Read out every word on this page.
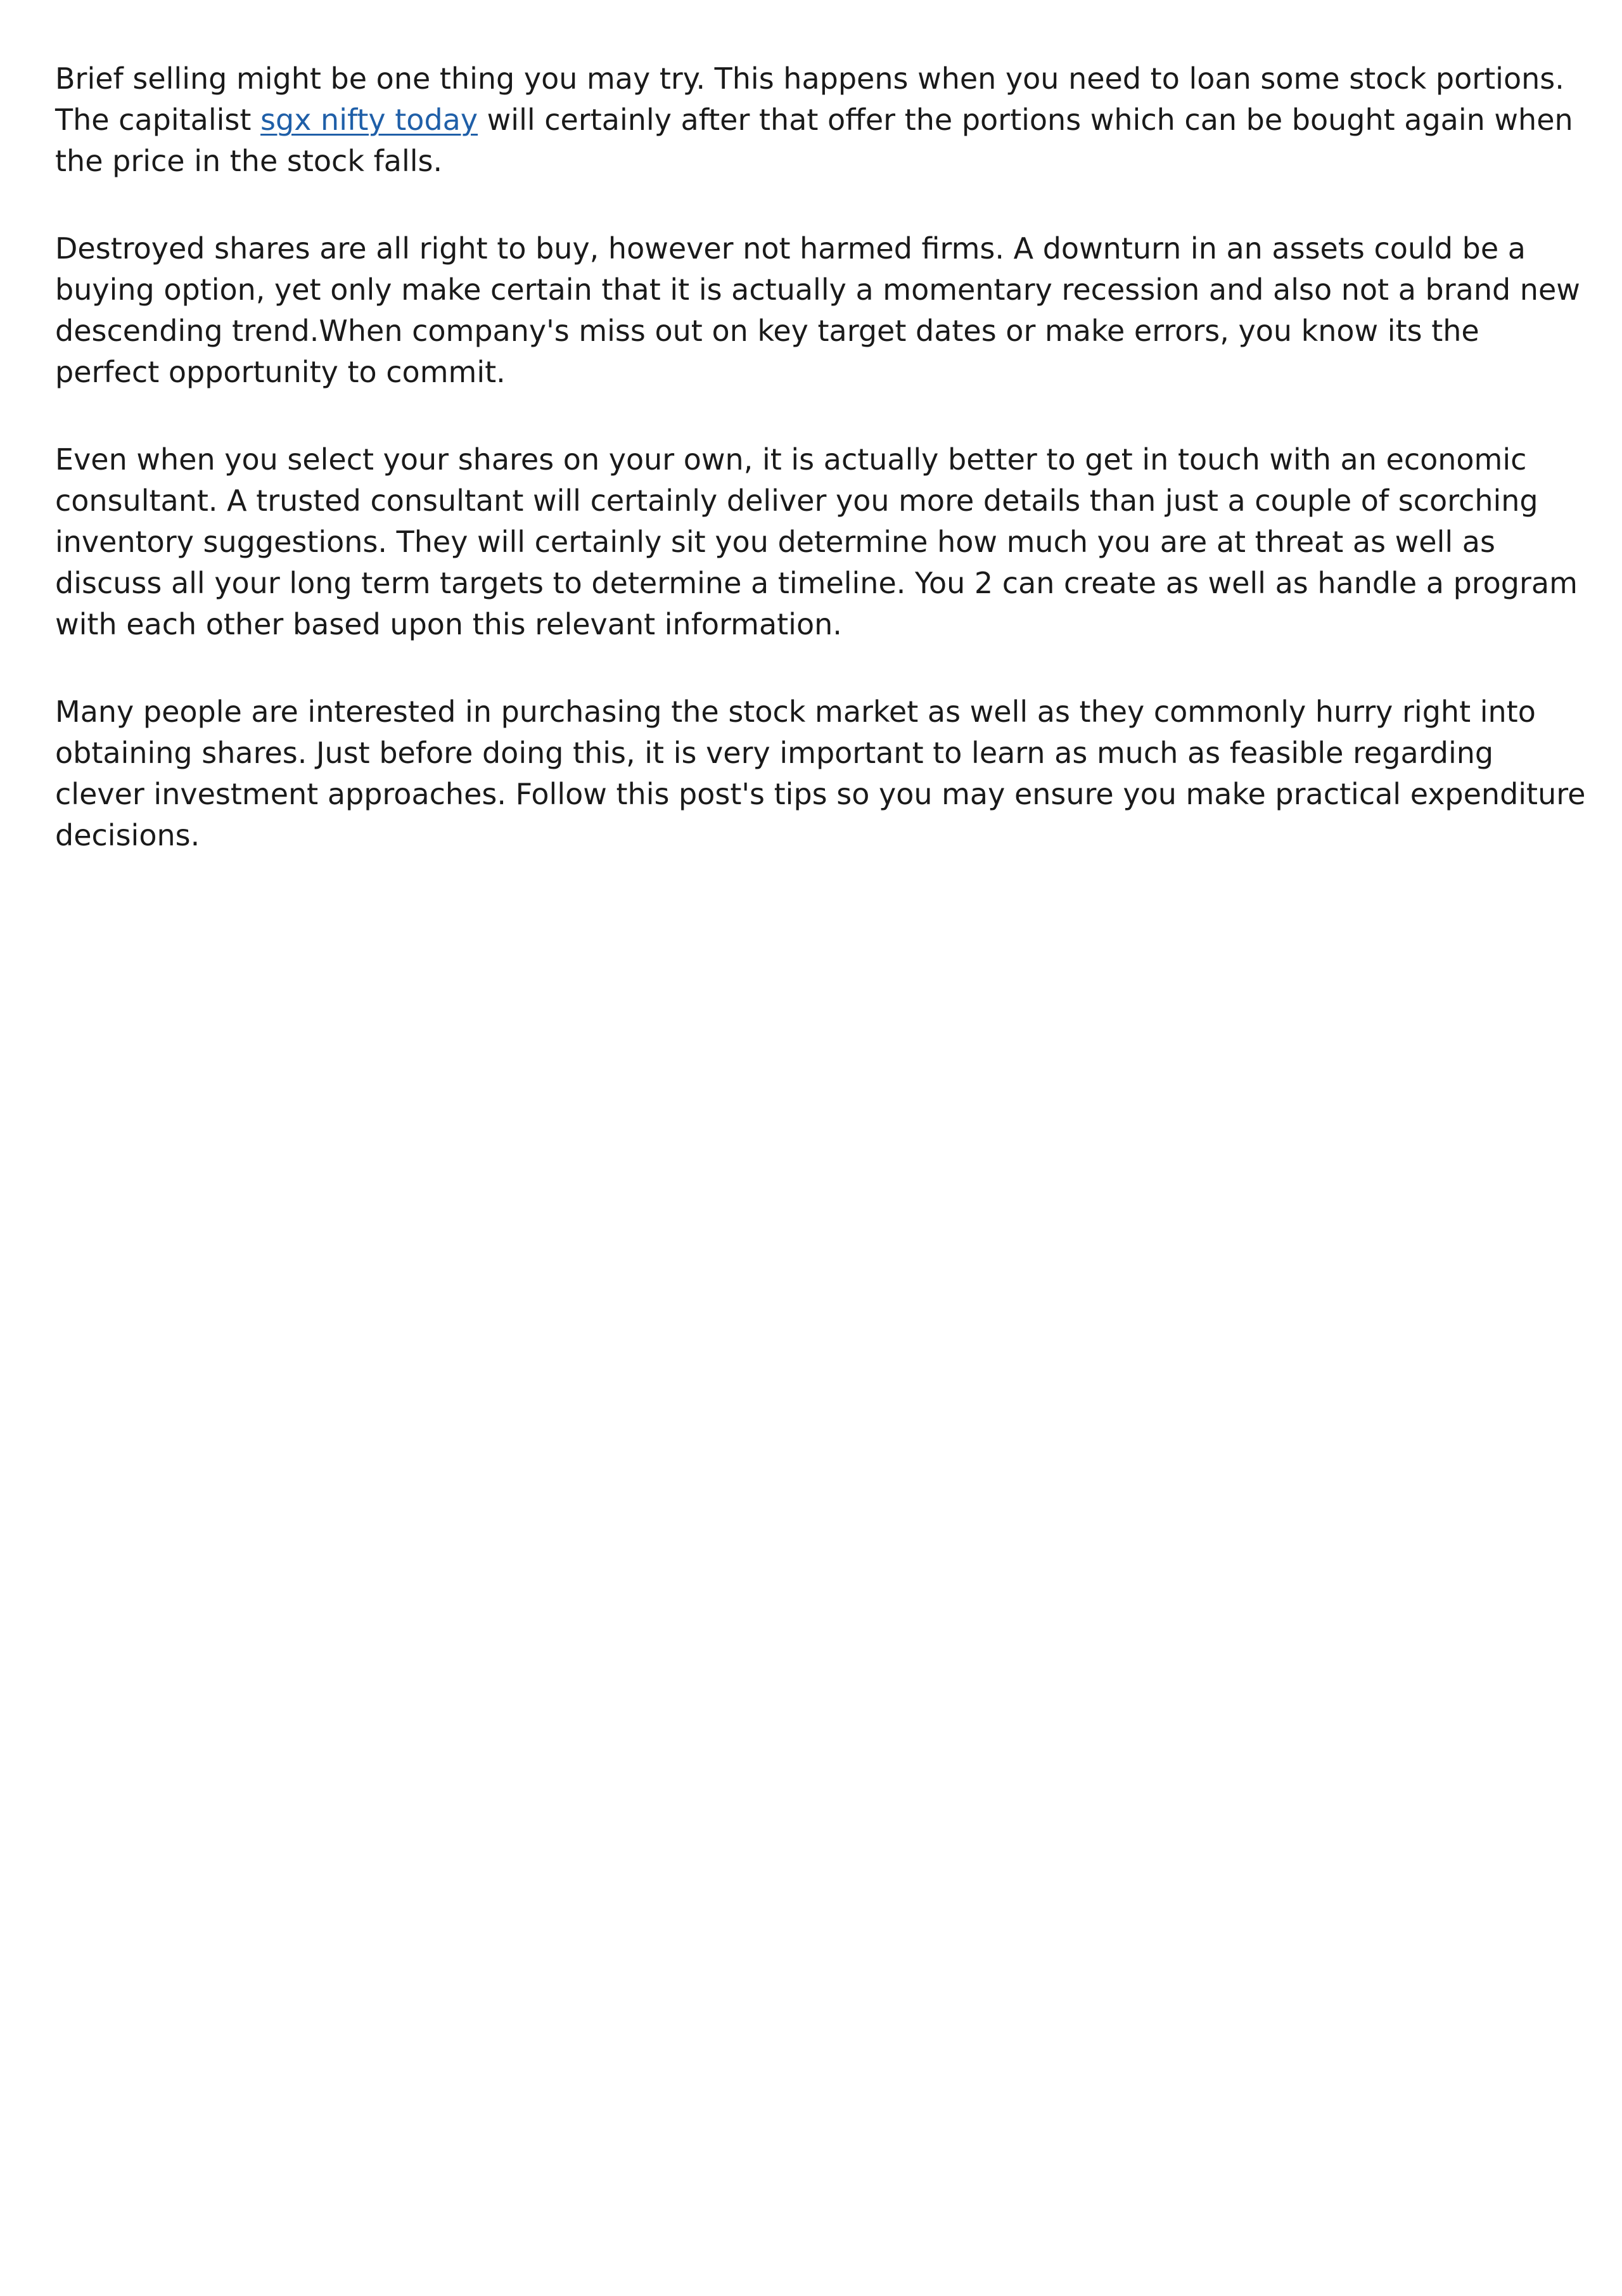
Brief selling might be one thing you may try. This happens when you need to loan some stock portions. The capitalist sgx nifty today will certainly after that offer the portions which can be bought again when the price in the stock falls.

Destroyed shares are all right to buy, however not harmed firms. A downturn in an assets could be a buying option, yet only make certain that it is actually a momentary recession and also not a brand new descending trend.When company's miss out on key target dates or make errors, you know its the perfect opportunity to commit.

Even when you select your shares on your own, it is actually better to get in touch with an economic consultant. A trusted consultant will certainly deliver you more details than just a couple of scorching inventory suggestions. They will certainly sit you determine how much you are at threat as well as discuss all your long term targets to determine a timeline. You 2 can create as well as handle a program with each other based upon this relevant information.

Many people are interested in purchasing the stock market as well as they commonly hurry right into obtaining shares. Just before doing this, it is very important to learn as much as feasible regarding clever investment approaches. Follow this post's tips so you may ensure you make practical expenditure decisions.
